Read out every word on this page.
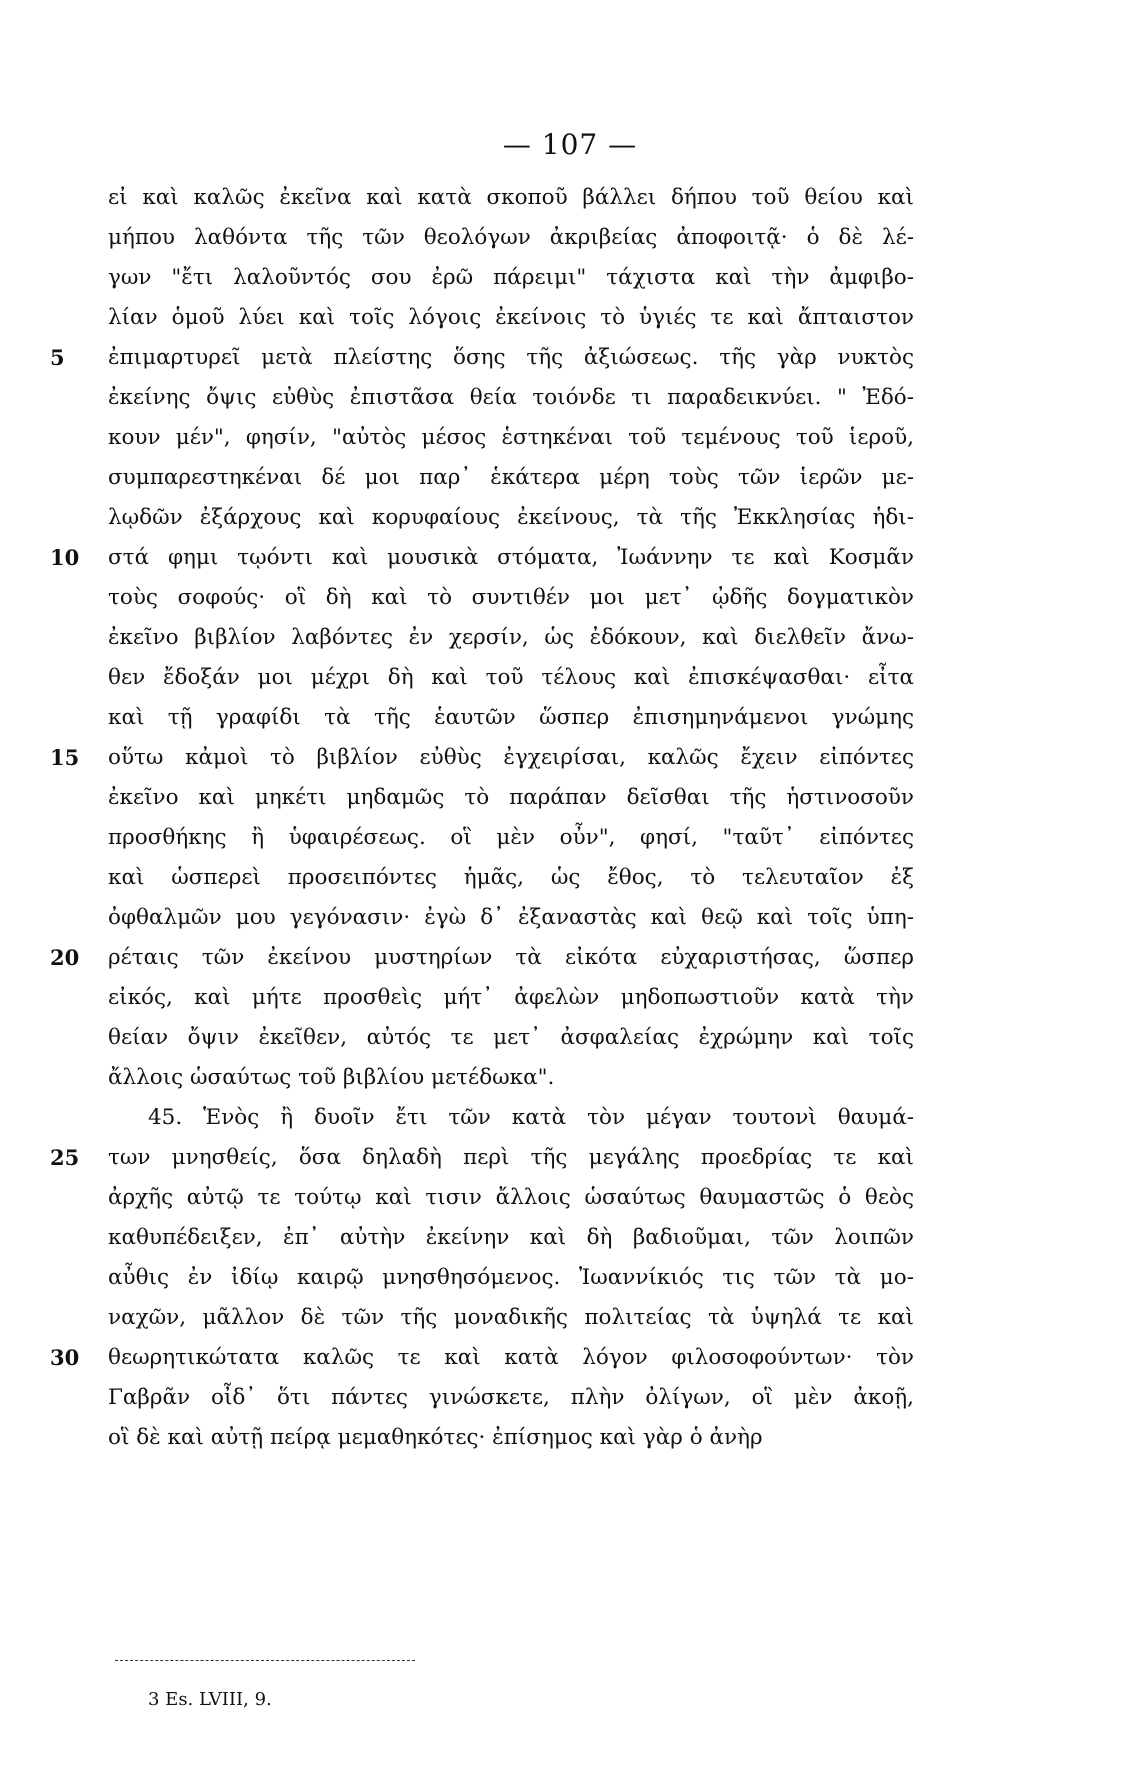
— 107 —
εἰ καὶ καλῶς ἐκεῖνα καὶ κατὰ σκοποῦ βάλλει δήπου τοῦ θείου καὶ
μήπου λαθόντα τῆς τῶν θεολόγων ἀκριβείας ἀποφοιτᾷ· ὁ δὲ λέ-
γων "ἔτι λαλοῦντός σου ἐρῶ πάρειμι" τάχιστα καὶ τὴν ἀμφιβο-
λίαν ὁμοῦ λύει καὶ τοῖς λόγοις ἐκείνοις τὸ ὑγιές τε καὶ ἄπταιστον
5	ἐπιμαρτυρεῖ μετὰ πλείστης ὅσης τῆς ἀξιώσεως. τῆς γὰρ νυκτὸς
ἐκείνης ὄψις εὐθὺς ἐπιστᾶσα θεία τοιόνδε τι παραδεικνύει. " Ἐδό-
κουν μέν", φησίν, "αὐτὸς μέσος ἑστηκέναι τοῦ τεμένους τοῦ ἱεροῦ,
συμπαρεστηκέναι δέ μοι παρ᾽ ἑκάτερα μέρη τοὺς τῶν ἱερῶν με-
λῳδῶν ἐξάρχους καὶ κορυφαίους ἐκείνους, τὰ τῆς Ἐκκλησίας ἡδι-
10	στά φημι τῳόντι καὶ μουσικὰ στόματα, Ἰωάννην τε καὶ Κοσμᾶν
τοὺς σοφούς· οἳ δὴ καὶ τὸ συντιθέν μοι μετ᾽ ᾠδῆς δογματικὸν
ἐκεῖνο βιβλίον λαβόντες ἐν χερσίν, ὡς ἐδόκουν, καὶ διελθεῖν ἄνω-
θεν ἔδοξάν μοι μέχρι δὴ καὶ τοῦ τέλους καὶ ἐπισκέψασθαι· εἶτα
καὶ τῇ γραφίδι τὰ τῆς ἑαυτῶν ὥσπερ ἐπισημηνάμενοι γνώμης
15	οὕτω κἀμοὶ τὸ βιβλίον εὐθὺς ἐγχειρίσαι, καλῶς ἔχειν εἰπόντες
ἐκεῖνο καὶ μηκέτι μηδαμῶς τὸ παράπαν δεῖσθαι τῆς ἡστινοσοῦν
προσθήκης ἢ ὑφαιρέσεως. οἳ μὲν οὖν", φησί, "ταῦτ᾽ εἰπόντες
καὶ ὡσπερεὶ προσειπόντες ἡμᾶς, ὡς ἔθος, τὸ τελευταῖον ἐξ
ὀφθαλμῶν μου γεγόνασιν· ἐγὼ δ᾽ ἐξαναστὰς καὶ θεῷ καὶ τοῖς ὑπη-
20	ρέταις τῶν ἐκείνου μυστηρίων τὰ εἰκότα εὐχαριστήσας, ὥσπερ
εἰκός, καὶ μήτε προσθεὶς μήτ᾽ ἀφελὼν μηδοπωστιοῦν κατὰ τὴν
θείαν ὄψιν ἐκεῖθεν, αὐτός τε μετ᾽ ἀσφαλείας ἐχρώμην καὶ τοῖς
ἄλλοις ὡσαύτως τοῦ βιβλίου μετέδωκα".
45. Ἑνὸς ἢ δυοῖν ἔτι τῶν κατὰ τὸν μέγαν τουτονὶ θαυμά-
25	των μνησθείς, ὅσα δηλαδὴ περὶ τῆς μεγάλης προεδρίας τε καὶ
ἀρχῆς αὐτῷ τε τούτῳ καὶ τισιν ἄλλοις ὡσαύτως θαυμαστῶς ὁ θεὸς
καθυπέδειξεν, ἐπ᾽ αὐτὴν ἐκείνην καὶ δὴ βαδιοῦμαι, τῶν λοιπῶν
αὖθις ἐν ἰδίῳ καιρῷ μνησθησόμενος. Ἰωαννίκιός τις τῶν τὰ μο-
ναχῶν, μᾶλλον δὲ τῶν τῆς μοναδικῆς πολιτείας τὰ ὑψηλά τε καὶ
30	θεωρητικώτατα καλῶς τε καὶ κατὰ λόγον φιλοσοφούντων· τὸν
Γαβρᾶν οἶδ᾽ ὅτι πάντες γινώσκετε, πλὴν ὀλίγων, οἳ μὲν ἀκοῇ,
οἳ δὲ καὶ αὐτῇ πείρᾳ μεμαθηκότες· ἐπίσημος καὶ γὰρ ὁ ἀνὴρ
3 Es. LVIII, 9.
